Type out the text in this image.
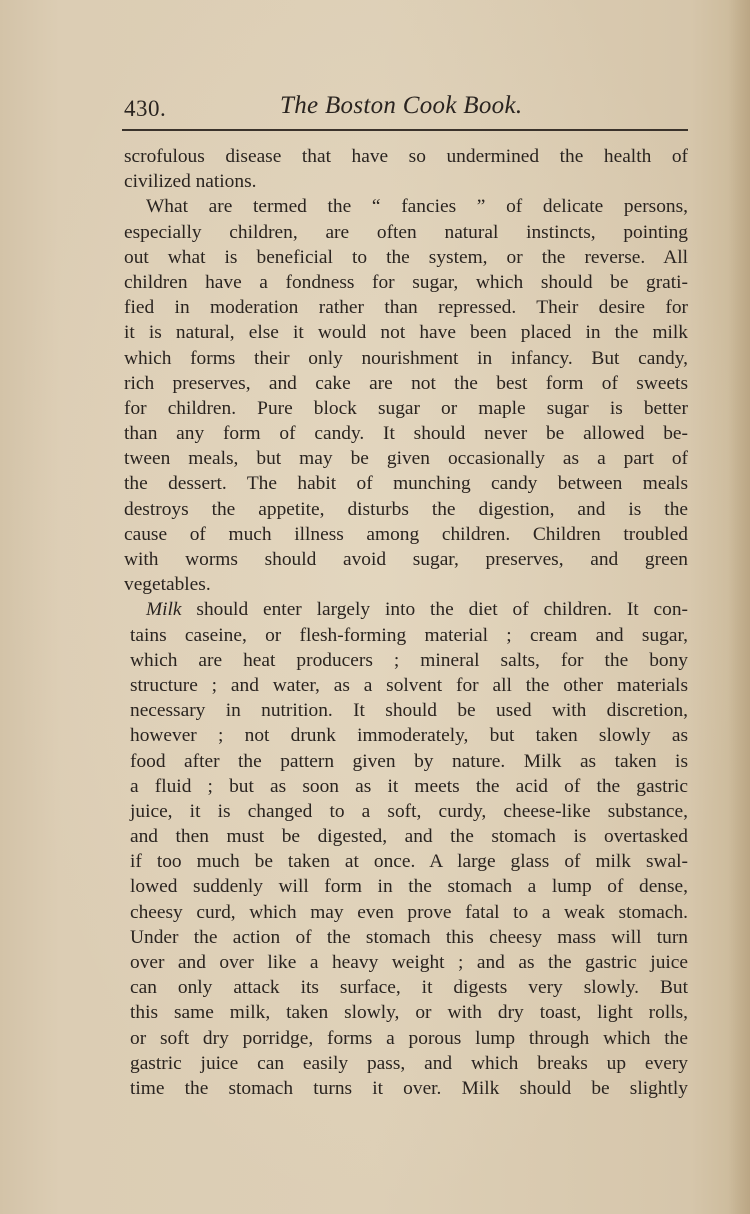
430.	The Boston Cook Book.
scrofulous disease that have so undermined the health of
civilized nations.
What are termed the “ fancies ” of delicate persons,
especially children, are often natural instincts, pointing
out what is beneficial to the system, or the reverse. All
children have a fondness for sugar, which should be grati-
fied in moderation rather than repressed. Their desire for
it is natural, else it would not have been placed in the milk
which forms their only nourishment in infancy. But candy,
rich preserves, and cake are not the best form of sweets
for children. Pure block sugar or maple sugar is better
than any form of candy. It should never be allowed be-
tween meals, but may be given occasionally as a part of
the dessert. The habit of munching candy between meals
destroys the appetite, disturbs the digestion, and is the
cause of much illness among children. Children troubled
with worms should avoid sugar, preserves, and green
vegetables.
Milk should enter largely into the diet of children. It con-
tains caseine, or flesh-forming material ; cream and sugar,
which are heat producers ; mineral salts, for the bony
structure ; and water, as a solvent for all the other materials
necessary in nutrition. It should be used with discretion,
however ; not drunk immoderately, but taken slowly as
food after the pattern given by nature. Milk as taken is
a fluid ; but as soon as it meets the acid of the gastric
juice, it is changed to a soft, curdy, cheese-like substance,
and then must be digested, and the stomach is overtasked
if too much be taken at once. A large glass of milk swal-
lowed suddenly will form in the stomach a lump of dense,
cheesy curd, which may even prove fatal to a weak stomach.
Under the action of the stomach this cheesy mass will turn
over and over like a heavy weight ; and as the gastric juice
can only attack its surface, it digests very slowly. But
this same milk, taken slowly, or with dry toast, light rolls,
or soft dry porridge, forms a porous lump through which the
gastric juice can easily pass, and which breaks up every
time the stomach turns it over. Milk should be slightly
